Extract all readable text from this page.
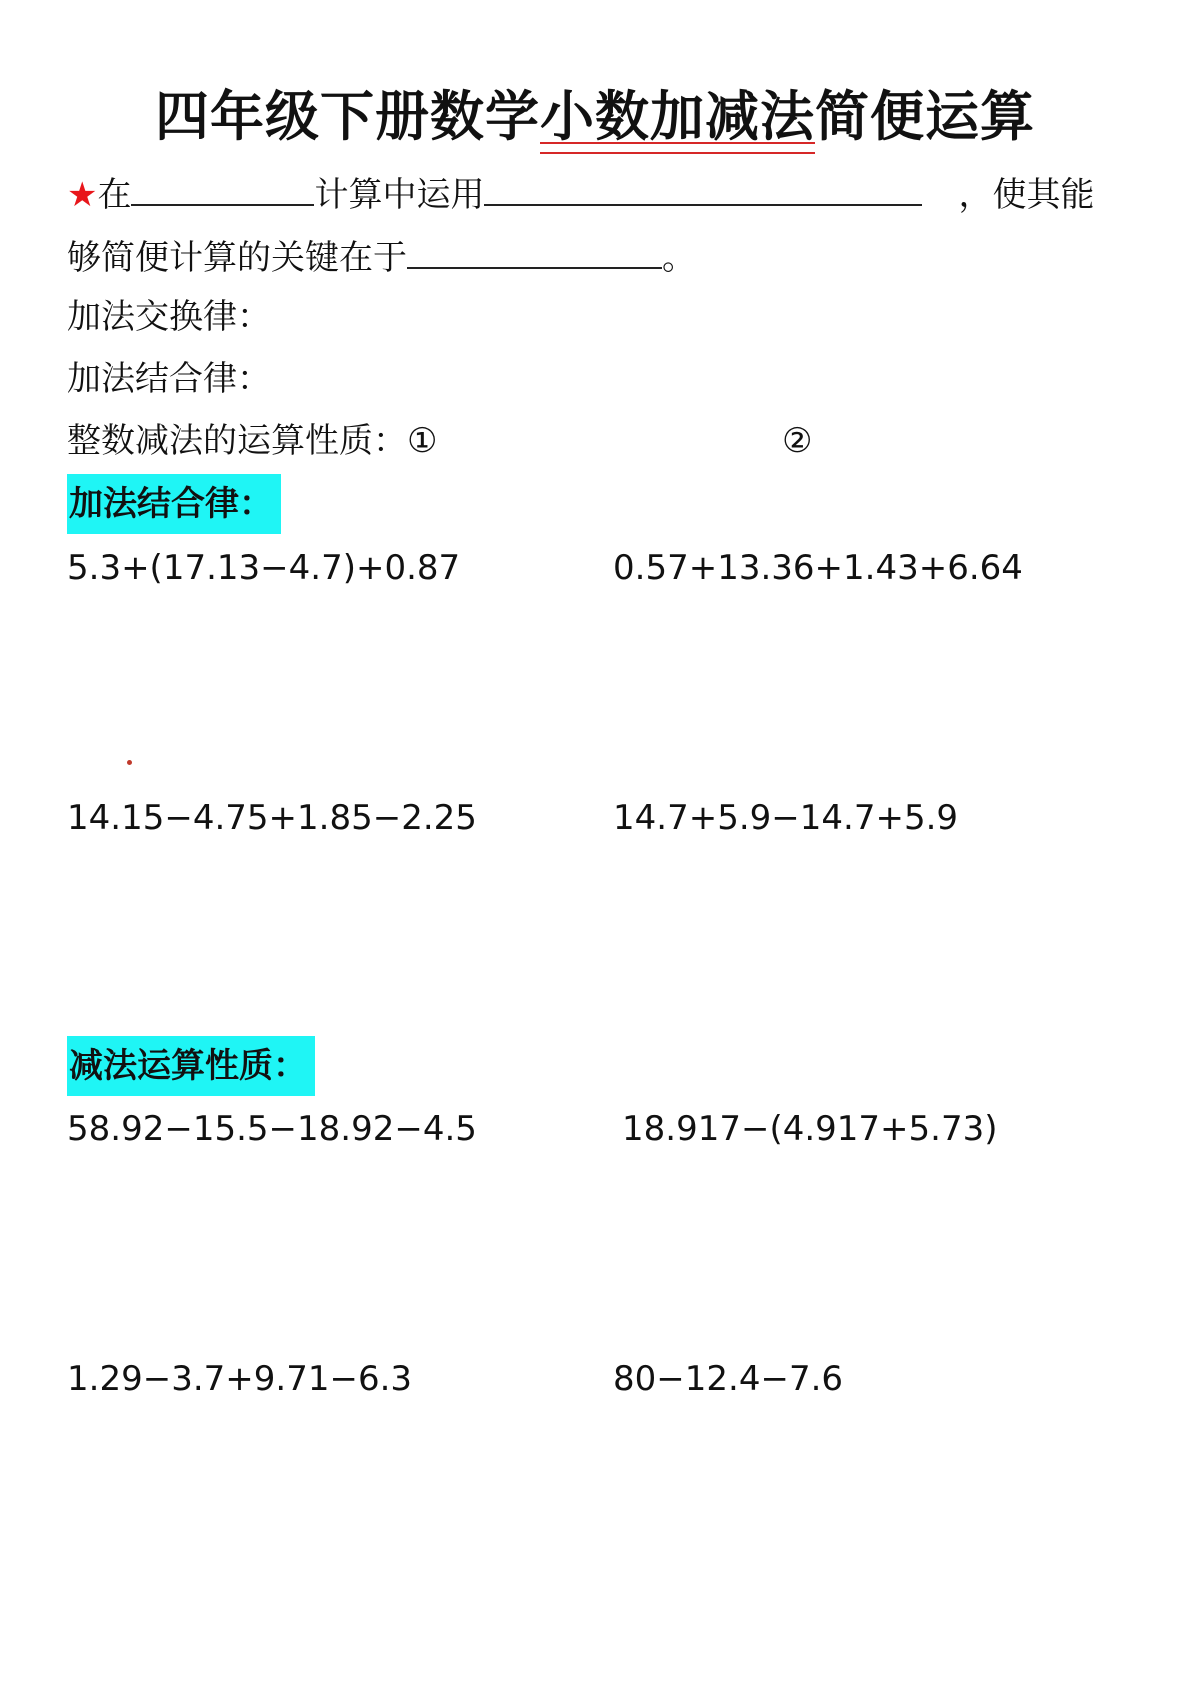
四年级下册数学小数加减法
简便运算
★在	计算中运用	，使其能
够简便计算的关键在于	。
加法交换律：
加法结合律：
整数减法的运算性质：①	②
加法结合律：
5.3+(17.13−4.7)+0.87	0.57+13.36+1.43+6.64
14.15−4.75+1.85−2.25	14.7+5.9−14.7+5.9
减法运算性质：
58.92−15.5−18.92−4.5	18.917−(4.917+5.73)
1.29−3.7+9.71−6.3	80−12.4−7.6
